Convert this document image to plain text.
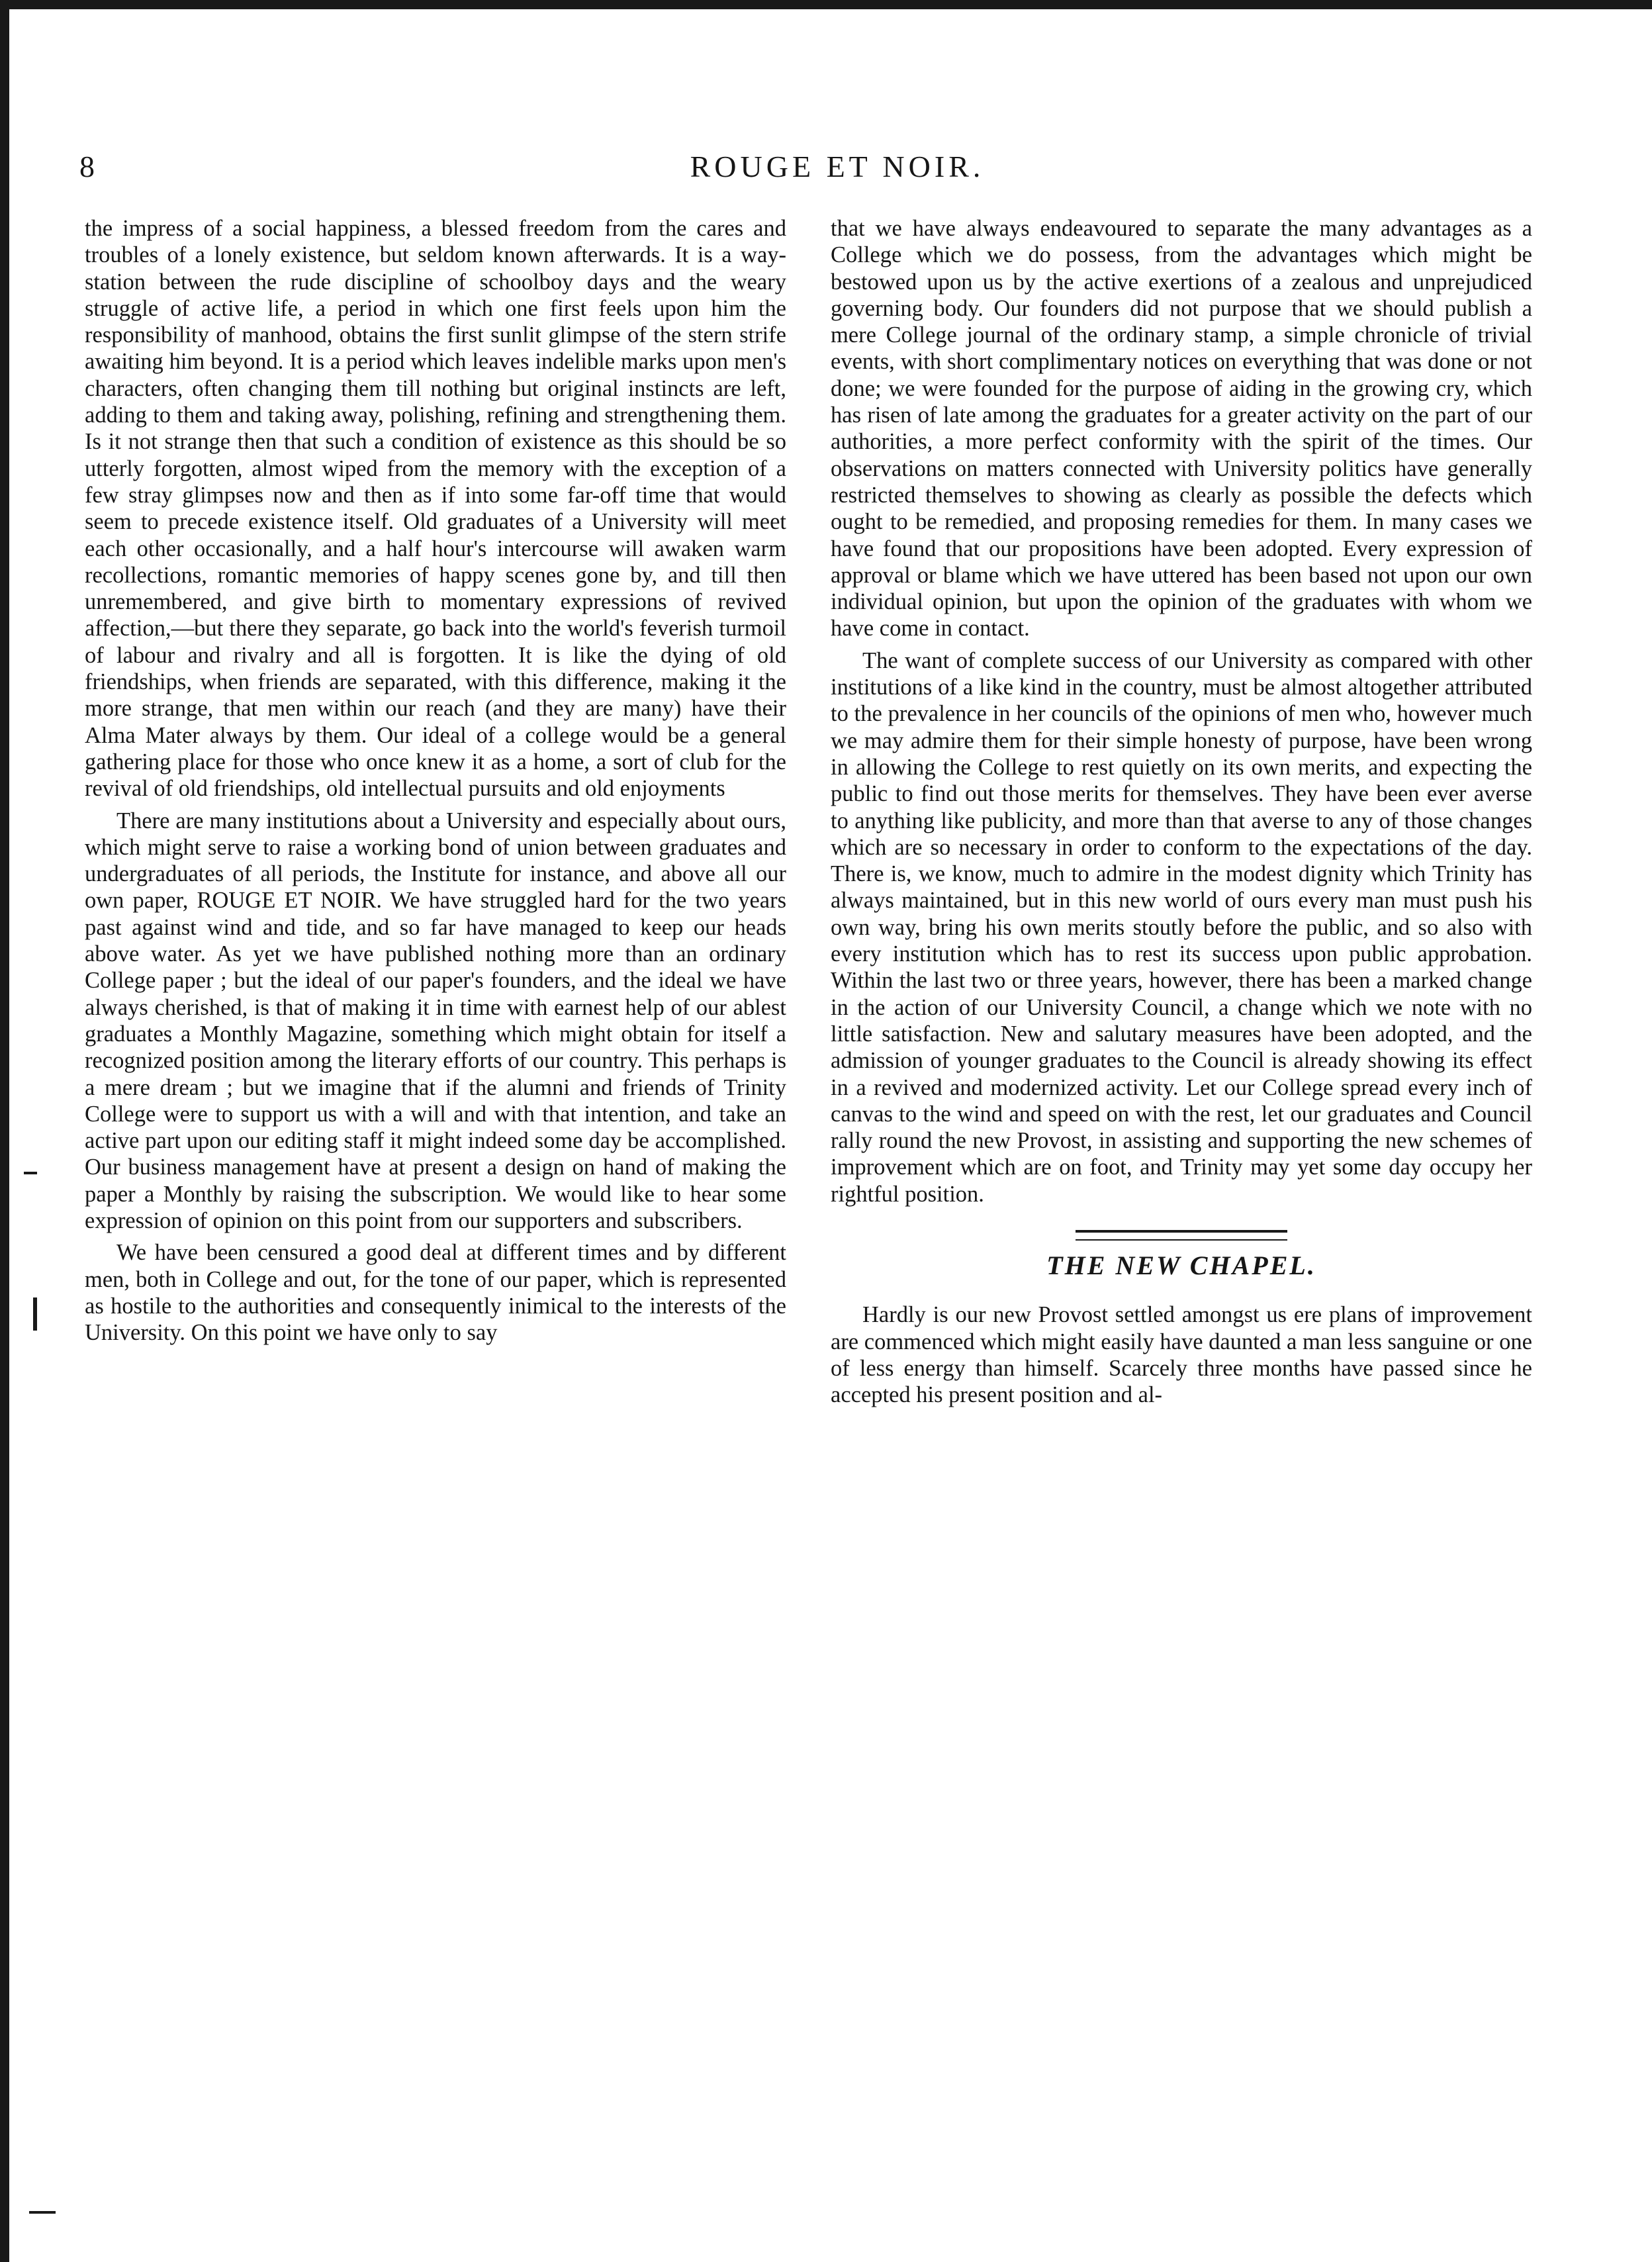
8	ROUGE ET NOIR.

the impress of a social happiness, a blessed freedom from the cares and troubles of a lonely existence, but seldom known afterwards. It is a way-station between the rude discipline of schoolboy days and the weary struggle of active life, a period in which one first feels upon him the responsibility of manhood, obtains the first sunlit glimpse of the stern strife awaiting him beyond. It is a period which leaves indelible marks upon men's characters, often changing them till nothing but original instincts are left, adding to them and taking away, polishing, refining and strengthening them. Is it not strange then that such a condition of existence as this should be so utterly forgotten, almost wiped from the memory with the exception of a few stray glimpses now and then as if into some far-off time that would seem to precede existence itself. Old graduates of a University will meet each other occasionally, and a half hour's intercourse will awaken warm recollections, romantic memories of happy scenes gone by, and till then unremembered, and give birth to momentary expressions of revived affection,—but there they separate, go back into the world's feverish turmoil of labour and rivalry and all is forgotten. It is like the dying of old friendships, when friends are separated, with this difference, making it the more strange, that men within our reach (and they are many) have their Alma Mater always by them. Our ideal of a college would be a general gathering place for those who once knew it as a home, a sort of club for the revival of old friendships, old intellectual pursuits and old enjoyments

There are many institutions about a University and especially about ours, which might serve to raise a working bond of union between graduates and undergraduates of all periods, the Institute for instance, and above all our own paper, ROUGE ET NOIR. We have struggled hard for the two years past against wind and tide, and so far have managed to keep our heads above water. As yet we have published nothing more than an ordinary College paper ; but the ideal of our paper's founders, and the ideal we have always cherished, is that of making it in time with earnest help of our ablest graduates a Monthly Magazine, something which might obtain for itself a recognized position among the literary efforts of our country. This perhaps is a mere dream ; but we imagine that if the alumni and friends of Trinity College were to support us with a will and with that intention, and take an active part upon our editing staff it might indeed some day be accomplished. Our business management have at present a design on hand of making the paper a Monthly by raising the subscription. We would like to hear some expression of opinion on this point from our supporters and subscribers.

We have been censured a good deal at different times and by different men, both in College and out, for the tone of our paper, which is represented as hostile to the authorities and consequently inimical to the interests of the University. On this point we have only to say

that we have always endeavoured to separate the many advantages as a College which we do possess, from the advantages which might be bestowed upon us by the active exertions of a zealous and unprejudiced governing body. Our founders did not purpose that we should publish a mere College journal of the ordinary stamp, a simple chronicle of trivial events, with short complimentary notices on everything that was done or not done; we were founded for the purpose of aiding in the growing cry, which has risen of late among the graduates for a greater activity on the part of our authorities, a more perfect conformity with the spirit of the times. Our observations on matters connected with University politics have generally restricted themselves to showing as clearly as possible the defects which ought to be remedied, and proposing remedies for them. In many cases we have found that our propositions have been adopted. Every expression of approval or blame which we have uttered has been based not upon our own individual opinion, but upon the opinion of the graduates with whom we have come in contact.

The want of complete success of our University as compared with other institutions of a like kind in the country, must be almost altogether attributed to the prevalence in her councils of the opinions of men who, however much we may admire them for their simple honesty of purpose, have been wrong in allowing the College to rest quietly on its own merits, and expecting the public to find out those merits for themselves. They have been ever averse to anything like publicity, and more than that averse to any of those changes which are so necessary in order to conform to the expectations of the day. There is, we know, much to admire in the modest dignity which Trinity has always maintained, but in this new world of ours every man must push his own way, bring his own merits stoutly before the public, and so also with every institution which has to rest its success upon public approbation. Within the last two or three years, however, there has been a marked change in the action of our University Council, a change which we note with no little satisfaction. New and salutary measures have been adopted, and the admission of younger graduates to the Council is already showing its effect in a revived and modernized activity. Let our College spread every inch of canvas to the wind and speed on with the rest, let our graduates and Council rally round the new Provost, in assisting and supporting the new schemes of improvement which are on foot, and Trinity may yet some day occupy her rightful position.

THE NEW CHAPEL.

Hardly is our new Provost settled amongst us ere plans of improvement are commenced which might easily have daunted a man less sanguine or one of less energy than himself. Scarcely three months have passed since he accepted his present position and al-
